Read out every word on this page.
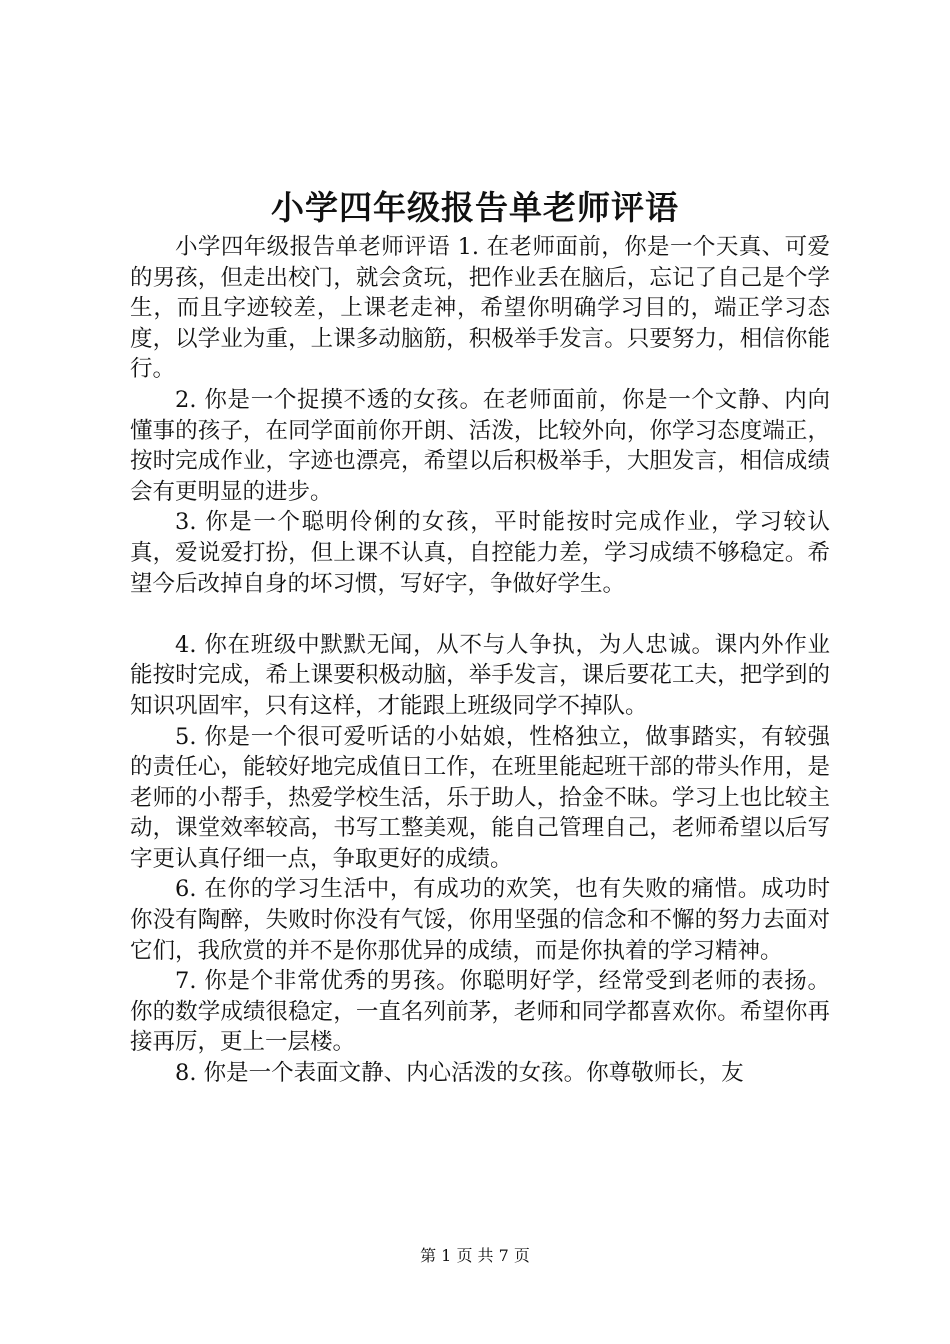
小学四年级报告单老师评语

小学四年级报告单老师评语 1. 在老师面前，你是一个天真、可爱的男孩，但走出校门，就会贪玩，把作业丢在脑后，忘记了自己是个学生，而且字迹较差，上课老走神，希望你明确学习目的，端正学习态度，以学业为重，上课多动脑筋，积极举手发言。只要努力，相信你能行。

2. 你是一个捉摸不透的女孩。在老师面前，你是一个文静、内向懂事的孩子，在同学面前你开朗、活泼，比较外向，你学习态度端正，按时完成作业，字迹也漂亮，希望以后积极举手，大胆发言，相信成绩会有更明显的进步。

3. 你是一个聪明伶俐的女孩，平时能按时完成作业，学习较认真，爱说爱打扮，但上课不认真，自控能力差，学习成绩不够稳定。希望今后改掉自身的坏习惯，写好字，争做好学生。

4. 你在班级中默默无闻，从不与人争执，为人忠诚。课内外作业能按时完成，希上课要积极动脑，举手发言，课后要花工夫，把学到的知识巩固牢，只有这样，才能跟上班级同学不掉队。

5. 你是一个很可爱听话的小姑娘，性格独立，做事踏实，有较强的责任心，能较好地完成值日工作，在班里能起班干部的带头作用，是老师的小帮手，热爱学校生活，乐于助人，拾金不昧。学习上也比较主动，课堂效率较高，书写工整美观，能自己管理自己，老师希望以后写字更认真仔细一点，争取更好的成绩。

6. 在你的学习生活中，有成功的欢笑，也有失败的痛惜。成功时你没有陶醉，失败时你没有气馁，你用坚强的信念和不懈的努力去面对它们，我欣赏的并不是你那优异的成绩，而是你执着的学习精神。

7. 你是个非常优秀的男孩。你聪明好学，经常受到老师的表扬。你的数学成绩很稳定，一直名列前茅，老师和同学都喜欢你。希望你再接再厉，更上一层楼。

8. 你是一个表面文静、内心活泼的女孩。你尊敬师长，友

第 1 页 共 7 页
